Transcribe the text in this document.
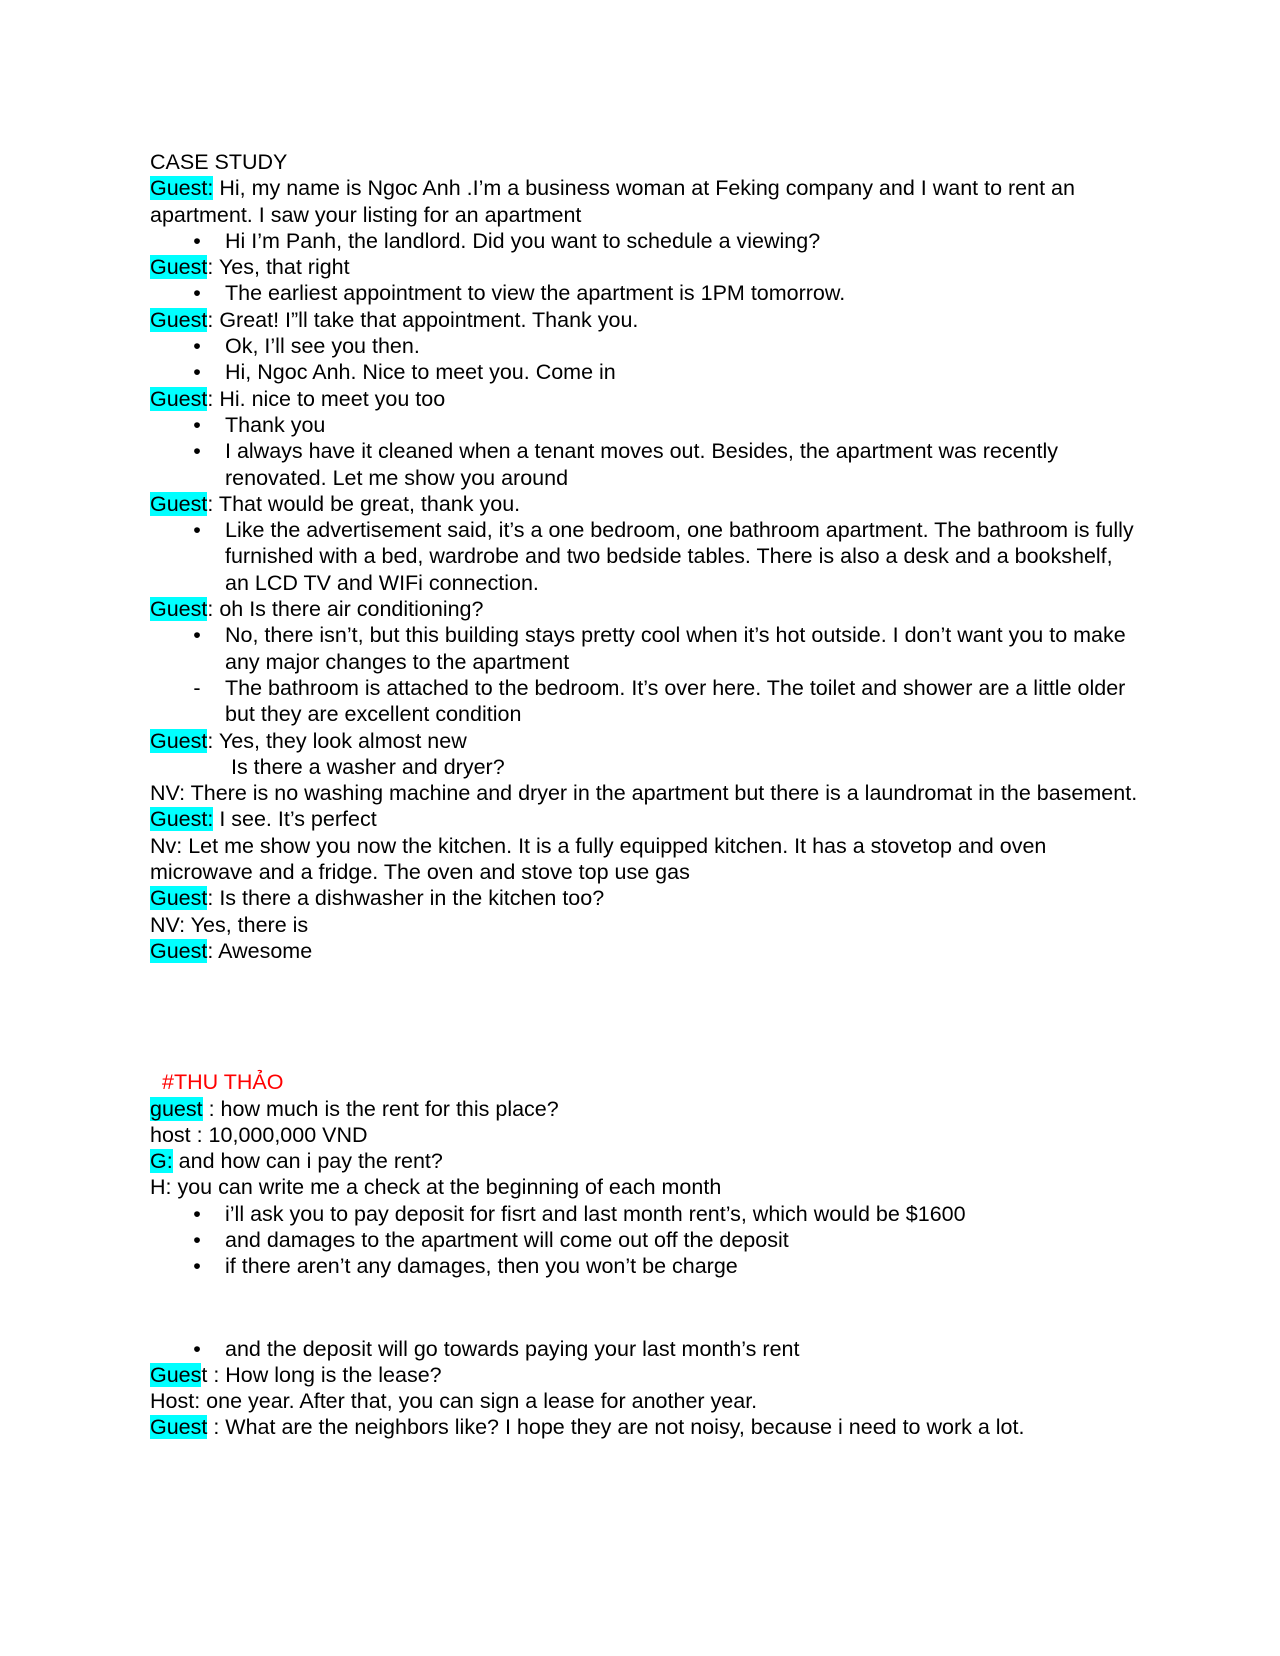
CASE STUDY

Guest: Hi, my name is Ngoc Anh .I’m a business woman at Feking company and I want to rent an apartment. I saw your listing for an apartment

• Hi I’m Panh, the landlord. Did you want to schedule a viewing?

Guest: Yes, that right

• The earliest appointment to view the apartment is 1PM tomorrow.

Guest: Great! I”ll take that appointment. Thank you.

• Ok, I’ll see you then.
• Hi, Ngoc Anh. Nice to meet you. Come in

Guest: Hi. nice to meet you too

• Thank you
• I always have it cleaned when a tenant moves out. Besides, the apartment was recently renovated. Let me show you around

Guest: That would be great, thank you.

• Like the advertisement said, it’s a one bedroom, one bathroom apartment. The bathroom is fully furnished with a bed, wardrobe and two bedside tables. There is also a desk and a bookshelf, an LCD TV and WIFi connection.

Guest: oh Is there air conditioning?

• No, there isn’t, but this building stays pretty cool when it’s hot outside. I don’t want you to make any major changes to the apartment
- The bathroom is attached to the bedroom. It’s over here. The toilet and shower are a little older but they are excellent condition

Guest: Yes, they look almost new

Is there a washer and dryer?

NV: There is no washing machine and dryer in the apartment but there is a laundromat in the basement.

Guest: I see. It’s perfect

Nv: Let me show you now the kitchen. It is a fully equipped kitchen. It has a stovetop and oven microwave and a fridge. The oven and stove top use gas

Guest: Is there a dishwasher in the kitchen too?

NV: Yes, there is

Guest: Awesome

#THU THẢO

guest : how much is the rent for this place?

host : 10,000,000 VND

G: and how can i pay the rent?

H: you can write me a check at the beginning of each month

• i’ll ask you to pay deposit for fisrt and last month rent’s, which would be $1600
• and damages to the apartment will come out off the deposit
• if there aren’t any damages, then you won’t be charge
• and the deposit will go towards paying your last month’s rent

Guest : How long is the lease?

Host: one year. After that, you can sign a lease for another year.

Guest : What are the neighbors like? I hope they are not noisy, because i need to work a lot.
